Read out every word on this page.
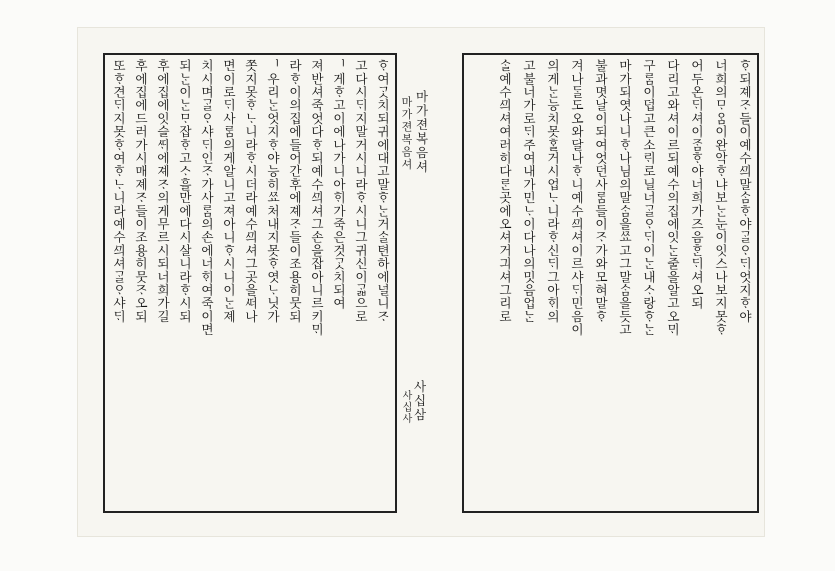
ᄒᆞ여ᄀᆞᆺ치되귀에대고말ᄒᆞᄂᆞᆫ거ᄉᆞᆯ텬하에널니ᄌᆞ
고다시ᄃᆡ지말거시니라ᄒᆞ시니그귀신이ᄀᆞᆲ으로
ᅵ게ᄒᆞ고이에나가니아ᄒᆡ가죽은것ᄀᆞᆺ치되여
져반셔죽엇다ᄒᆞ되예수ᄭᅴ셔그손을잡아니르키ᄆᆡ
라ᄒᆞ이의집에들어간후에졔ᄌᆞ들이조용히뭇되
ᅵ우리ᄂᆞᆫ엇지ᄒᆞ야능히ᄶᅭ처내지못ᄒᆞ엿ᄂᆞ닛가
쫏지못ᄒᆞᄂᆞ니라ᄒᆞ시더라예수ᄭᅴ셔그곳을ᄯᅥ나
면이로ᄃᆡ사ᄅᆞᆷ의게알니고져아니ᄒᆞ시니이ᄂᆞᆫ졔
치시며ᄀᆞᆯᄋᆞ샤ᄃᆡ인ᄌᆞ가사ᄅᆞᆷ의손에너ᄒᆡ여죽이면
되ᄂᆞᆫ이ᄂᆞᆫᄆᆞ잡ᄒᆞ고ᄉᆞ흘만에다시살니라ᄒᆞ시되
후에집에잇슬ᄯᆡ에졔ᄌᆞ의게무르시되너희가길
후에집에드러가시매졔ᄌᆞ들이조용히뭇ᄌᆞ오되
또ᄒᆞ견ᄃᆡ지못ᄒᆞ여ᄒᆞᄂᆞ니라예수ᄭᅴ셔ᄀᆞᆯᄋᆞ샤ᄃᆡ	마가젼복음셔
마가젼복음셔
사십삼
사십사
ᄒᆞ되졔ᄌᆞ들이예수ᄭᅴ말ᄉᆞᆷᄒᆞ야ᄀᆞᆯᄋᆞᄃᆡ엇지ᄒᆞ야
너희의ᄆᆞᄋᆞᆷ이완악ᄒᆞ냐보ᄂᆞᆫ눈이잇스나보지못ᄒᆞ
어두온ᄃᆡ셔이ᄌᆞᆷᄒᆞ야너희가즈음ᄒᆞᆫᄃᆡ셔오되
다리고와셔이르되예수의집에잇ᄂᆞᆫ줄을알고오ᄆᆡ
구ᄅᆞᆷ이덥고큰소ᄅᆡ로닐너ᄀᆞᆯᄋᆞᄃᆡ이ᄂᆞᆫ내ᄉᆞ랑ᄒᆞᄂᆞᆫ
마가되엿나니ᄒᆞ나님의말ᄉᆞᆷ을ᄶᅭ고그말ᄉᆞᆷ을듯고
불과몃날이되여엇던사ᄅᆞᆷ들이ᄌᆞ가와모혀말ᄒᆞ
겨나ᄃᆞᆯ도오와달나ᄒᆞ니예수ᄭᅴ셔이르샤ᄃᆡ민음이
의게ᄂᆞᆫ능치못ᄒᆞᆯ거시업ᄂᆞ니라ᄒᆞ신ᄃᆡ그아ᄒᆡ의
고불너가로ᄃᆡ주여내가민ᄂᆞ이다나의밋음업ᄂᆞᆫ
ᄉᆞᆯ예수ᄭᅴ셔여러히다ᄅᆞᆫ곳에오셔거긔셔그리로
